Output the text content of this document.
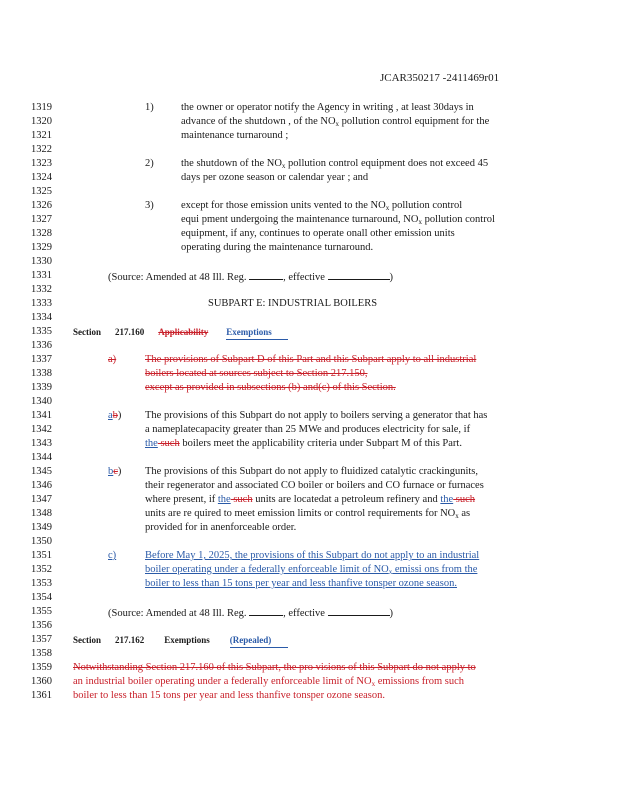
JCAR350217 -2411469r01
1319
1320
1321
1322
1323
1324
1325
1326
1327
1328
1329
1330
1331
1332
1333
1334
1335
1336
1337
1338
1339
1340
1341
1342
1343
1344
1345
1346
1347
1348
1349
1350
1351
1352
1353
1354
1355
1356
1357
1358
1359
1360
1361
1)	the owner or operator notify the Agency in writing , at least 30days in
advance of the shutdown , of the $NO_x$ pollution control equipment for the
maintenance turnaround ;
2)	the shutdown of the $NO_x$ pollution control equipment does not exceed 45
days per ozone season or calendar year ; and
3)	except for those emission units vented to the $NO_x$ pollution control
equi pment undergoing the maintenance turnaround, $NO_x$ pollution control
equipment, if any, continues to operate onall other emission units
operating during the maintenance turnaround.
(Source: Amended at 48 Ill. Reg.	, effective	)
SUBPART E: INDUSTRIAL BOILERS
Section 217.160 Applicability Exemptions
a)	The provisions of Subpart D of this Part and this Subpart apply to all industrial
boilers located at sources subject to Section 217.150,
except as provided in subsections (b) and(c) of this Section.
ab) The provisions of this Subpart do not apply to boilers serving a generator that has
a nameplatecapacity greater than 25 MWe and produces electricity for sale, if
the such boilers meet the applicability criteria under Subpart M of this Part.
bc) The provisions of this Subpart do not apply to fluidized catalytic crackingunits,
their regenerator and associated CO boiler or boilers and CO furnace or furnaces
where present, if the such units are locatedat a petroleum refinery and the such
units are re quired to meet emission limits or control requirements for $NO_x$ as
provided for in anenforceable order.
c)	Before May 1, 2025, the provisions of this Subpart do not apply to an industrial
boiler operating under a federally enforceable limit of $NO_x$ emissi ons from the
boiler to less than 15 tons per year and less thanfive tonsper ozone season.
(Source: Amended at 48 Ill. Reg.	, effective	)
Section 217.162 Exemptions (Repealed)
Notwithstanding Section 217.160 of this Subpart, the pro visions of this Subpart do not apply to
an industrial boiler operating under a federally enforceable limit of $NO_x$ emissions from such
boiler to less than 15 tons per year and less thanfive tonsper ozone season.
